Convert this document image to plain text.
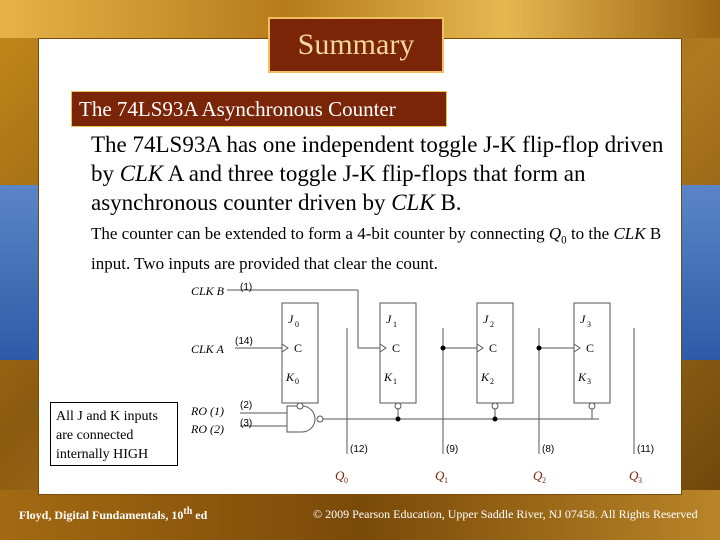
Summary
The 74LS93A Asynchronous Counter
The 74LS93A has one independent toggle J-K flip-flop driven by CLK A and three toggle J-K flip-flops that form an asynchronous counter driven by CLK B.
The counter can be extended to form a 4-bit counter by connecting $Q_0$ to the CLK B input. Two inputs are provided that clear the count.
All J and K inputs are connected internally HIGH
CLK B (1)
CLK A
(14)
RO (1)
RO (2)
(2)
(3)
J 0
C
K 0
J 1
C
K 1
J 2
C
K 2
J 3
C
K 3
(12)	(9)	(8)	(11)
Q 0	Q 1	Q 2	Q 3
Floyd, Digital Fundamentals, 10th ed	© 2009 Pearson Education, Upper Saddle River, NJ 07458. All Rights Reserved
